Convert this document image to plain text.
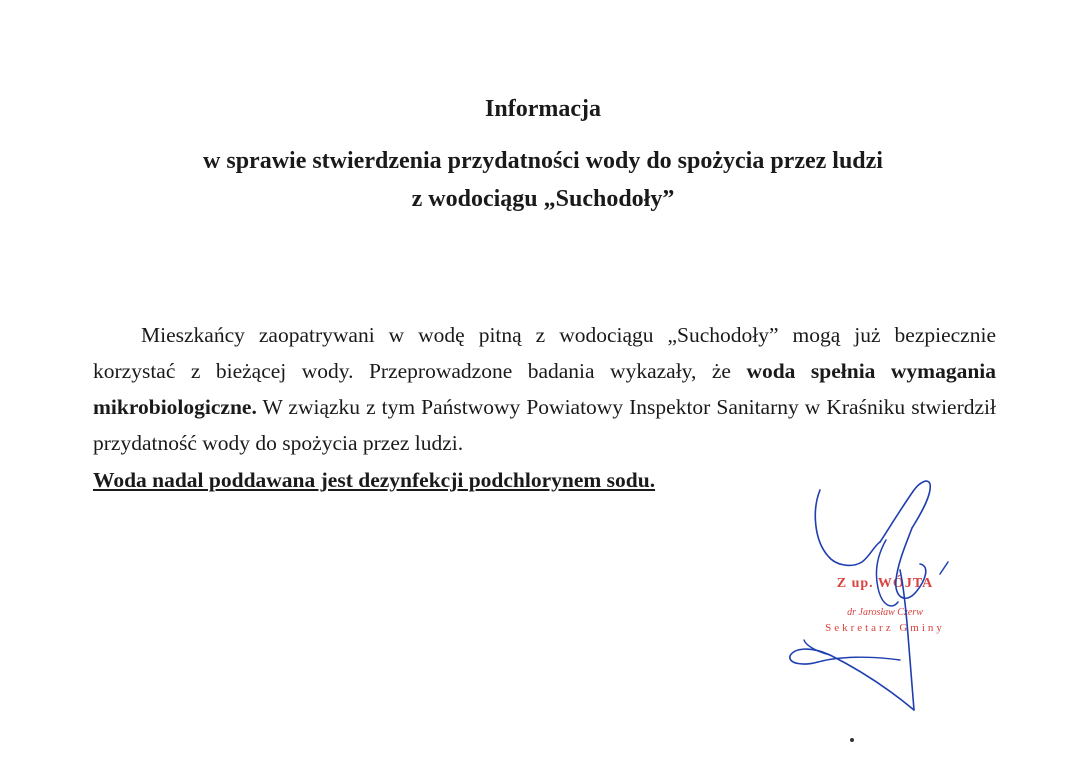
Informacja
w sprawie stwierdzenia przydatności wody do spożycia przez ludzi
z wodociągu „Suchodoły”

Mieszkańcy zaopatrywani w wodę pitną z wodociągu „Suchodoły” mogą już bezpiecznie korzystać z bieżącej wody. Przeprowadzone badania wykazały, że woda spełnia wymagania mikrobiologiczne. W związku z tym Państwowy Powiatowy Inspektor Sanitarny w Kraśniku stwierdził przydatność wody do spożycia przez ludzi.

Woda nadal poddawana jest dezynfekcji podchlorynem sodu.

Z up. WÓJTA
dr Jarosław Czerw
Sekretarz Gminy
